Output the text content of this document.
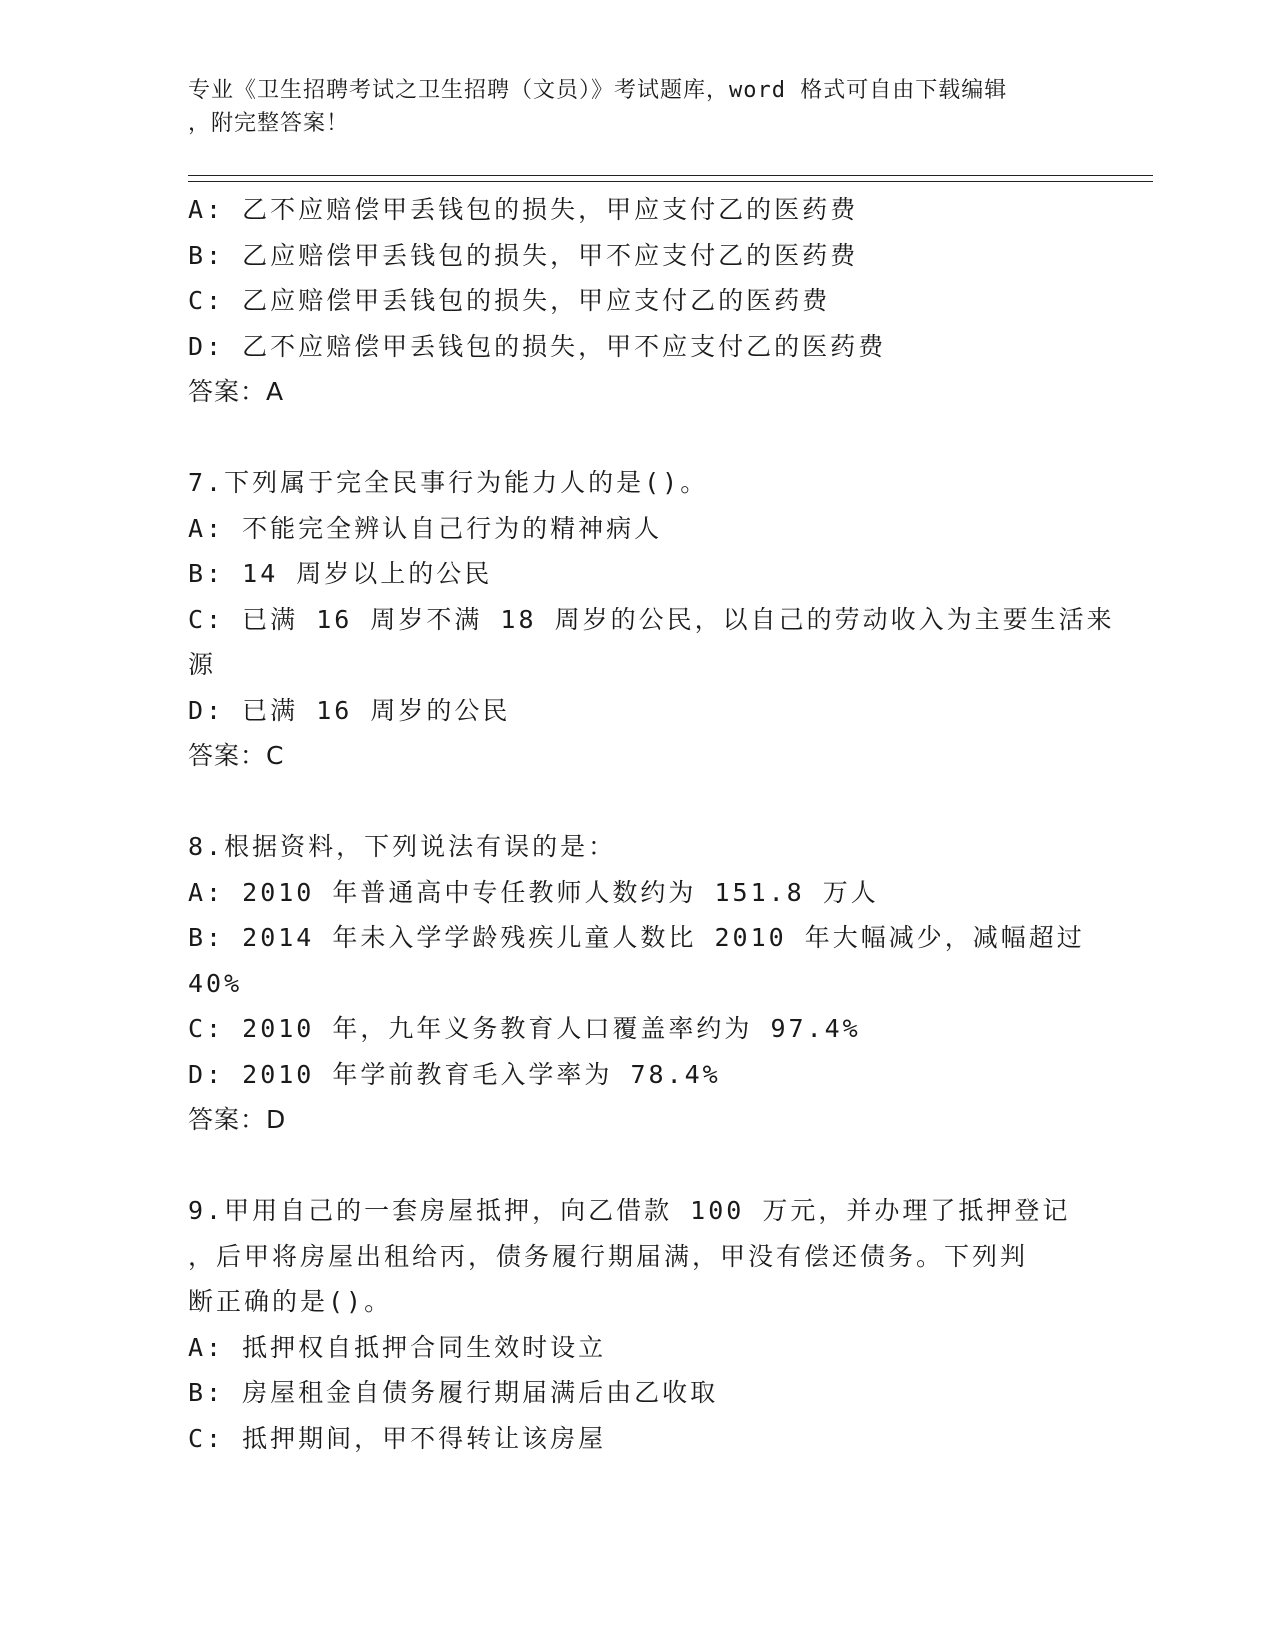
专业《卫生招聘考试之卫生招聘（文员）》考试题库，word 格式可自由下载编辑
，附完整答案！
A: 乙不应赔偿甲丢钱包的损失，甲应支付乙的医药费
B: 乙应赔偿甲丢钱包的损失，甲不应支付乙的医药费
C: 乙应赔偿甲丢钱包的损失，甲应支付乙的医药费
D: 乙不应赔偿甲丢钱包的损失，甲不应支付乙的医药费
答案：A
7.下列属于完全民事行为能力人的是()。
A: 不能完全辨认自己行为的精神病人
B: 14 周岁以上的公民
C: 已满 16 周岁不满 18 周岁的公民，以自己的劳动收入为主要生活来
源
D: 已满 16 周岁的公民
答案：C
8.根据资料，下列说法有误的是：
A: 2010 年普通高中专任教师人数约为 151.8 万人
B: 2014 年未入学学龄残疾儿童人数比 2010 年大幅减少，减幅超过
40%
C: 2010 年，九年义务教育人口覆盖率约为 97.4%
D: 2010 年学前教育毛入学率为 78.4%
答案：D
9.甲用自己的一套房屋抵押，向乙借款 100 万元，并办理了抵押登记
，后甲将房屋出租给丙，债务履行期届满，甲没有偿还债务。下列判
断正确的是()。
A: 抵押权自抵押合同生效时设立
B: 房屋租金自债务履行期届满后由乙收取
C: 抵押期间，甲不得转让该房屋
